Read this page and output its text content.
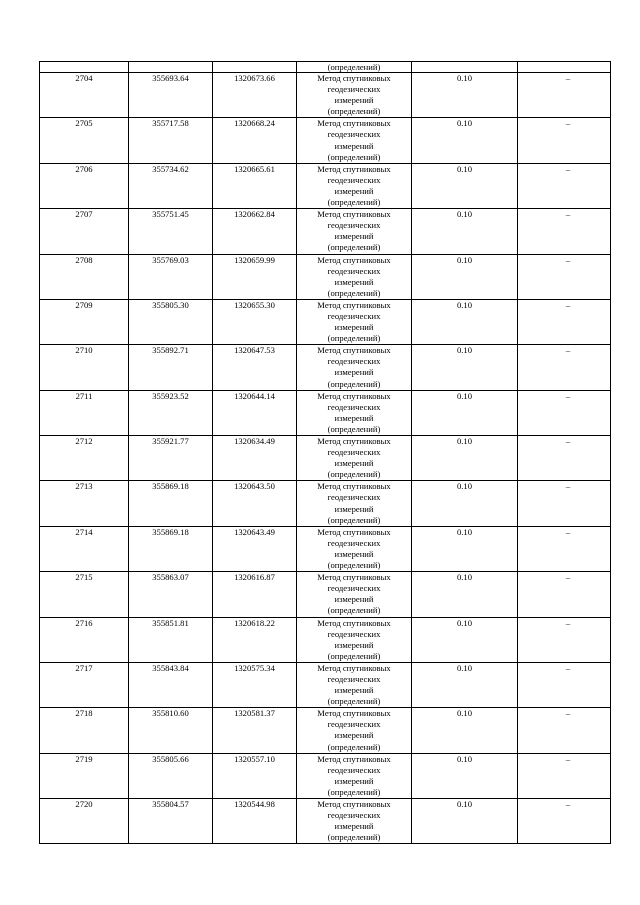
			(определений)		
2704	355693.64	1320673.66	Метод спутниковых
геодезических
измерений
(определений)	0.10	–
2705	355717.58	1320668.24	Метод спутниковых
геодезических
измерений
(определений)	0.10	–
2706	355734.62	1320665.61	Метод спутниковых
геодезических
измерений
(определений)	0.10	–
2707	355751.45	1320662.84	Метод спутниковых
геодезических
измерений
(определений)	0.10	–
2708	355769.03	1320659.99	Метод спутниковых
геодезических
измерений
(определений)	0.10	–
2709	355805.30	1320655.30	Метод спутниковых
геодезических
измерений
(определений)	0.10	–
2710	355892.71	1320647.53	Метод спутниковых
геодезических
измерений
(определений)	0.10	–
2711	355923.52	1320644.14	Метод спутниковых
геодезических
измерений
(определений)	0.10	–
2712	355921.77	1320634.49	Метод спутниковых
геодезических
измерений
(определений)	0.10	–
2713	355869.18	1320643.50	Метод спутниковых
геодезических
измерений
(определений)	0.10	–
2714	355869.18	1320643.49	Метод спутниковых
геодезических
измерений
(определений)	0.10	–
2715	355863.07	1320616.87	Метод спутниковых
геодезических
измерений
(определений)	0.10	–
2716	355851.81	1320618.22	Метод спутниковых
геодезических
измерений
(определений)	0.10	–
2717	355843.84	1320575.34	Метод спутниковых
геодезических
измерений
(определений)	0.10	–
2718	355810.60	1320581.37	Метод спутниковых
геодезических
измерений
(определений)	0.10	–
2719	355805.66	1320557.10	Метод спутниковых
геодезических
измерений
(определений)	0.10	–
2720	355804.57	1320544.98	Метод спутниковых
геодезических
измерений
(определений)	0.10	–
